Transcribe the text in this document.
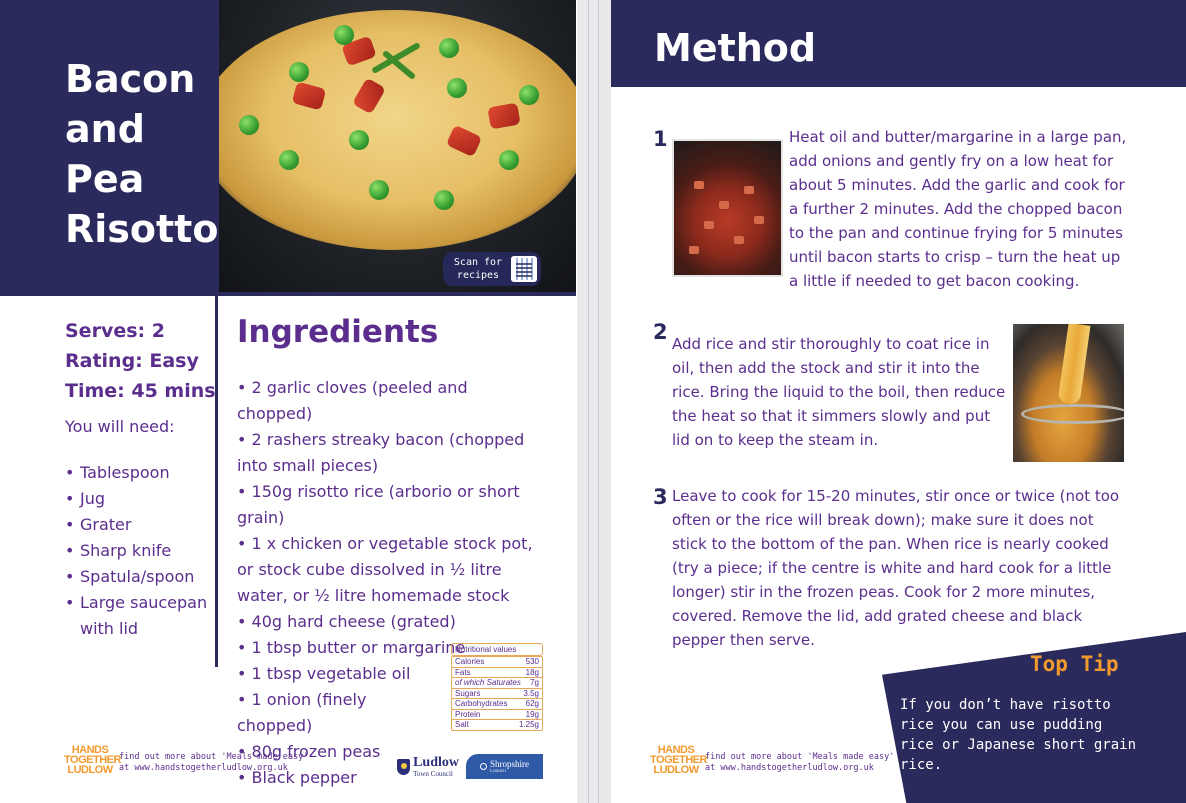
Bacon and Pea Risotto
Scan for recipes
Serves: 2
Rating: Easy
Time: 45 mins
You will need:
• Tablespoon
• Jug
• Grater
• Sharp knife
• Spatula/spoon
• Large saucepan with lid
Ingredients
• 2 garlic cloves (peeled and chopped)
• 2 rashers streaky bacon (chopped into small pieces)
• 150g risotto rice (arborio or short grain)
• 1 x chicken or vegetable stock pot, or stock cube dissolved in ½ litre water, or ½ litre homemade stock
• 40g hard cheese (grated)
• 1 tbsp butter or margarine
• 1 tbsp vegetable oil
• 1 onion (finely chopped)
• 80g frozen peas
• Black pepper
Nutritional values
Calories	530
Fats	18g
of which Saturates 7g
Sugars	3.5g
Carbohydrates 62g
Protein	19g
Salt	1.25g
HANDS
TOGETHER
LUDLOW
find out more about 'Meals made easy'
at www.handstogetherludlow.org.uk	Ludlow
Town Council
Shropshire
Council
Method
1	Heat oil and butter/margarine in a large pan, add onions and gently fry on a low heat for about 5 minutes. Add the garlic and cook for a further 2 minutes. Add the chopped bacon to the pan and continue frying for 5 minutes until bacon starts to crisp – turn the heat up a little if needed to get bacon cooking.
2 Add rice and stir thoroughly to coat rice in oil, then add the stock and stir it into the rice. Bring the liquid to the boil, then reduce the heat so that it simmers slowly and put lid on to keep the steam in.
3 Leave to cook for 15-20 minutes, stir once or twice (not too often or the rice will break down); make sure it does not stick to the bottom of the pan. When rice is nearly cooked (try a piece; if the centre is white and hard cook for a little longer) stir in the frozen peas. Cook for 2 more minutes, covered. Remove the lid, add grated cheese and black pepper then serve.
HANDS
TOGETHER
LUDLOW
find out more about 'Meals made easy'
at www.handstogetherludlow.org.uk
Top Tip
If you don’t have risotto rice you can use pudding rice or Japanese short grain rice.
